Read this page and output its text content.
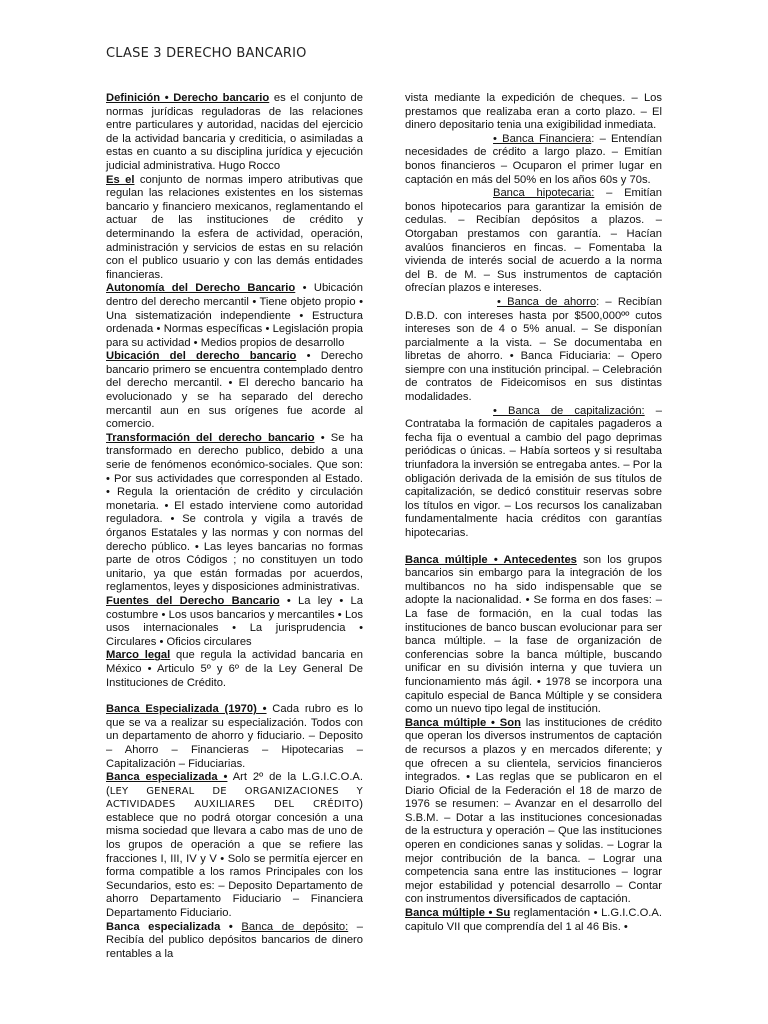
CLASE 3 DERECHO BANCARIO

Definición • Derecho bancario es el conjunto de normas jurídicas reguladoras de las relaciones entre particulares y autoridad, nacidas del ejercicio de la actividad bancaria y crediticia, o asimiladas a estas en cuanto a su disciplina jurídica y ejecución judicial administrativa. Hugo Rocco

Es el conjunto de normas impero atributivas que regulan las relaciones existentes en los sistemas bancario y financiero mexicanos, reglamentando el actuar de las instituciones de crédito y determinando la esfera de actividad, operación, administración y servicios de estas en su relación con el publico usuario y con las demás entidades financieras.

Autonomía del Derecho Bancario • Ubicación dentro del derecho mercantil • Tiene objeto propio • Una sistematización independiente • Estructura ordenada • Normas específicas • Legislación propia para su actividad • Medios propios de desarrollo

Ubicación del derecho bancario • Derecho bancario primero se encuentra contemplado dentro del derecho mercantil. • El derecho bancario ha evolucionado y se ha separado del derecho mercantil aun en sus orígenes fue acorde al comercio.

Transformación del derecho bancario • Se ha transformado en derecho publico, debido a una serie de fenómenos económico-sociales. Que son: • Por sus actividades que corresponden al Estado. • Regula la orientación de crédito y circulación monetaria. • El estado interviene como autoridad reguladora. • Se controla y vigila a través de órganos Estatales y las normas y con normas del derecho público. • Las leyes bancarias no formas parte de otros Códigos ; no constituyen un todo unitario, ya que están formadas por acuerdos, reglamentos, leyes y disposiciones administrativas.

Fuentes del Derecho Bancario • La ley • La costumbre • Los usos bancarios y mercantiles • Los usos internacionales • La jurisprudencia • Circulares • Oficios circulares

Marco legal que regula la actividad bancaria en México • Articulo 5º y 6º de la Ley General De Instituciones de Crédito.

Banca Especializada (1970) • Cada rubro es lo que se va a realizar su especialización. Todos con un departamento de ahorro y fiduciario. – Deposito – Ahorro – Financieras – Hipotecarias – Capitalización – Fiduciarias.

Banca especializada • Art 2º de la L.G.I.C.O.A. (LEY GENERAL DE ORGANIZACIONES Y ACTIVIDADES AUXILIARES DEL CRÉDITO) establece que no podrá otorgar concesión a una misma sociedad que llevara a cabo mas de uno de los grupos de operación a que se refiere las fracciones I, III, IV y V • Solo se permitía ejercer en forma compatible a los ramos Principales con los Secundarios, esto es: – Deposito Departamento de ahorro Departamento Fiduciario – Financiera Departamento Fiduciario.

Banca especializada • Banca de depósito: – Recibía del publico depósitos bancarios de dinero rentables a la

vista mediante la expedición de cheques. – Los prestamos que realizaba eran a corto plazo. – El dinero depositario tenia una exigibilidad inmediata.

• Banca Financiera: – Entendían necesidades de crédito a largo plazo. – Emitían bonos financieros – Ocuparon el primer lugar en captación en más del 50% en los años 60s y 70s.

Banca hipotecaria: – Emitían bonos hipotecarios para garantizar la emisión de cedulas. – Recibían depósitos a plazos. – Otorgaban prestamos con garantía. – Hacían avalúos financieros en fincas. – Fomentaba la vivienda de interés social de acuerdo a la norma del B. de M. – Sus instrumentos de captación ofrecían plazos e intereses.

• Banca de ahorro: – Recibían D.B.D. con intereses hasta por $500,000ºº cutos intereses son de 4 o 5% anual. – Se disponían parcialmente a la vista. – Se documentaba en libretas de ahorro. • Banca Fiduciaria: – Opero siempre con una institución principal. – Celebración de contratos de Fideicomisos en sus distintas modalidades.

• Banca de capitalización: – Contrataba la formación de capitales pagaderos a fecha fija o eventual a cambio del pago deprimas periódicas o únicas. – Había sorteos y si resultaba triunfadora la inversión se entregaba antes. – Por la obligación derivada de la emisión de sus títulos de capitalización, se dedicó constituir reservas sobre los títulos en vigor. – Los recursos los canalizaban fundamentalmente hacia créditos con garantías hipotecarias.

Banca múltiple • Antecedentes son los grupos bancarios sin embargo para la integración de los multibancos no ha sido indispensable que se adopte la nacionalidad. • Se forma en dos fases: – La fase de formación, en la cual todas las instituciones de banco buscan evolucionar para ser banca múltiple. – la fase de organización de conferencias sobre la banca múltiple, buscando unificar en su división interna y que tuviera un funcionamiento más ágil. • 1978 se incorpora una capitulo especial de Banca Múltiple y se considera como un nuevo tipo legal de institución.

Banca múltiple • Son las instituciones de crédito que operan los diversos instrumentos de captación de recursos a plazos y en mercados diferente; y que ofrecen a su clientela, servicios financieros integrados. • Las reglas que se publicaron en el Diario Oficial de la Federación el 18 de marzo de 1976 se resumen: – Avanzar en el desarrollo del S.B.M. – Dotar a las instituciones concesionadas de la estructura y operación – Que las instituciones operen en condiciones sanas y solidas. – Lograr la mejor contribución de la banca. – Lograr una competencia sana entre las instituciones – lograr mejor estabilidad y potencial desarrollo – Contar con instrumentos diversificados de captación.

Banca múltiple • Su reglamentación • L.G.I.C.O.A. capitulo VII que comprendía del 1 al 46 Bis. •
